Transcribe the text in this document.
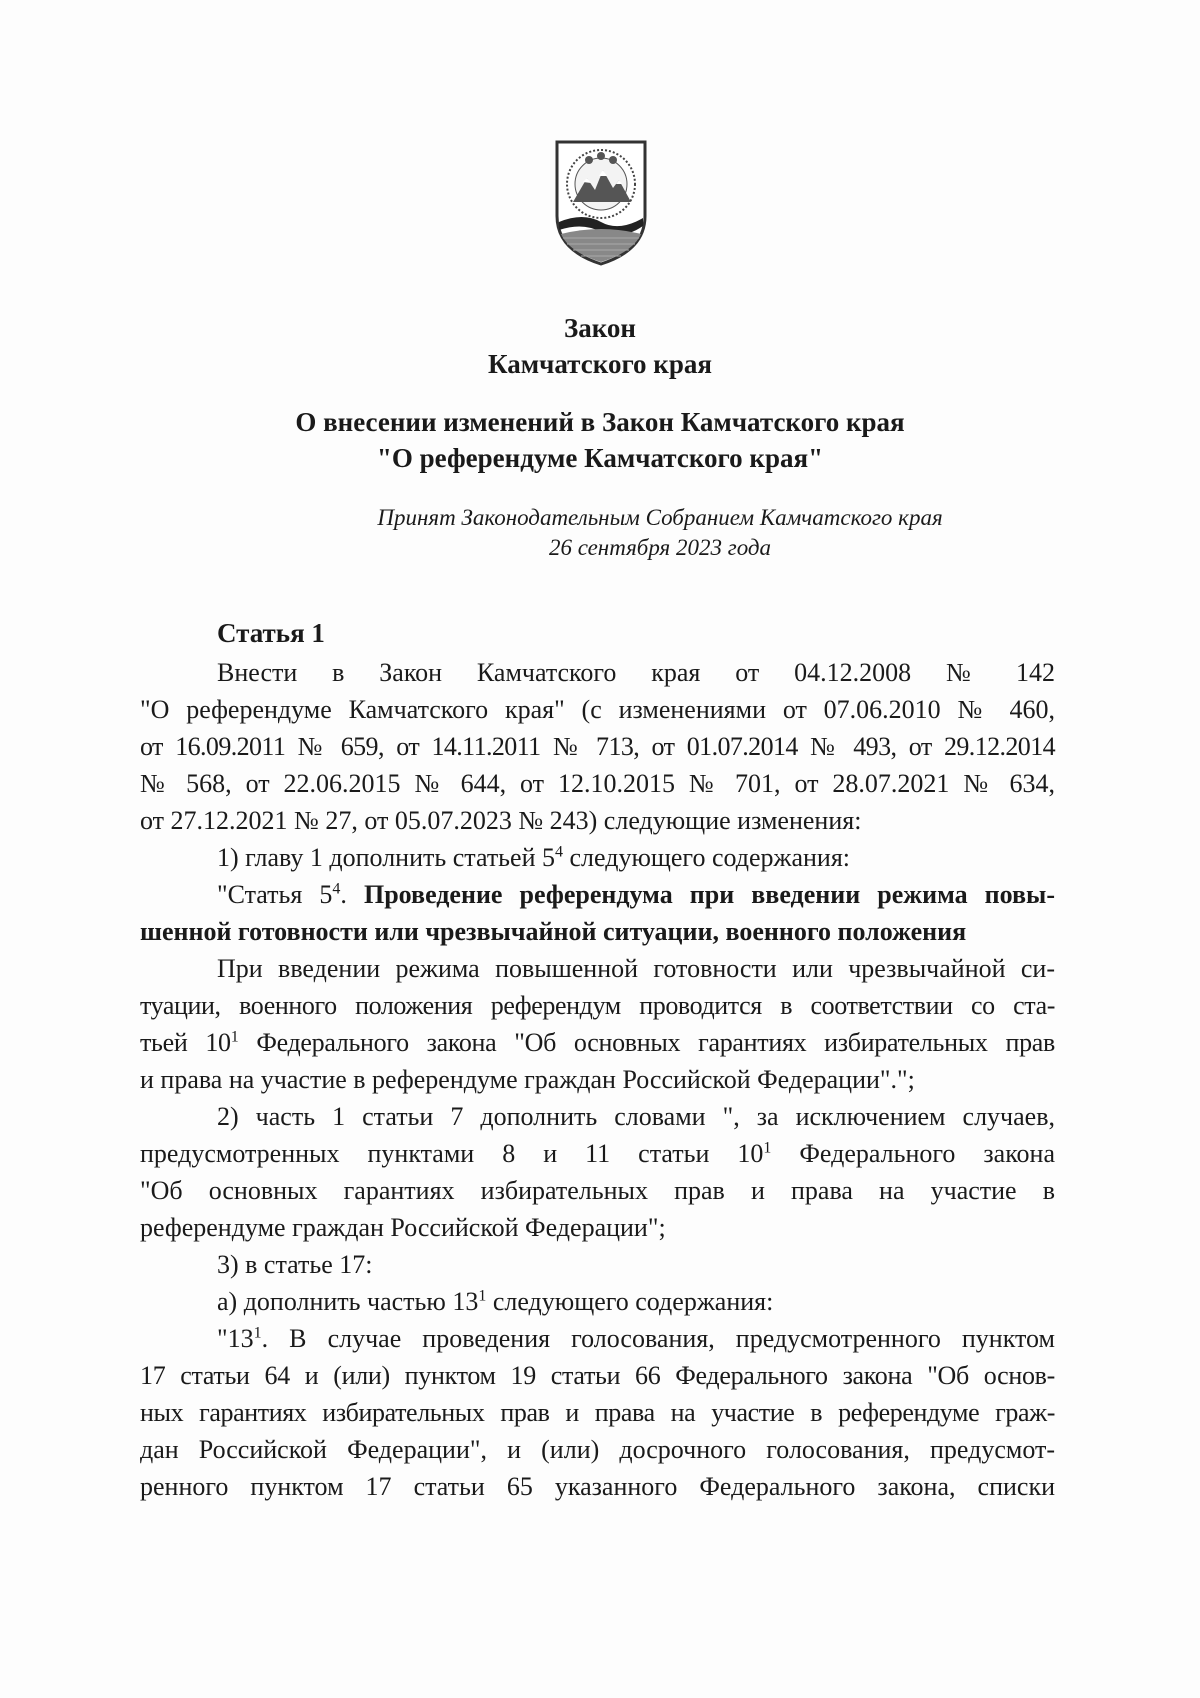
Закон
Камчатского края
О внесении изменений в Закон Камчатского края
"О референдуме Камчатского края"
Принят Законодательным Собранием Камчатского края
26 сентября 2023 года
Статья 1
Внести в Закон Камчатского края от 04.12.2008 № 142
"О референдуме Камчатского края" (с изменениями от 07.06.2010 № 460,
от 16.09.2011 № 659, от 14.11.2011 № 713, от 01.07.2014 № 493, от 29.12.2014
№ 568, от 22.06.2015 № 644, от 12.10.2015 № 701, от 28.07.2021 № 634,
от 27.12.2021 № 27, от 05.07.2023 № 243) следующие изменения:
1) главу 1 дополнить статьей $5^4$ следующего содержания:
"Статья $5^4$. Проведение референдума при введении режима повы-
шенной готовности или чрезвычайной ситуации, военного положения
При введении режима повышенной готовности или чрезвычайной си-
туации, военного положения референдум проводится в соответствии со ста-
тьей $10^1$ Федерального закона "Об основных гарантиях избирательных прав
и права на участие в референдуме граждан Российской Федерации".";
2) часть 1 статьи 7 дополнить словами ", за исключением случаев,
предусмотренных пунктами 8 и 11 статьи $10^1$ Федерального закона
"Об основных гарантиях избирательных прав и права на участие в
референдуме граждан Российской Федерации";
3) в статье 17:
а) дополнить частью $13^1$ следующего содержания:
"$13^1$. В случае проведения голосования, предусмотренного пунктом
17 статьи 64 и (или) пунктом 19 статьи 66 Федерального закона "Об основ-
ных гарантиях избирательных прав и права на участие в референдуме граж-
дан Российской Федерации", и (или) досрочного голосования, предусмот-
ренного пунктом 17 статьи 65 указанного Федерального закона, списки
